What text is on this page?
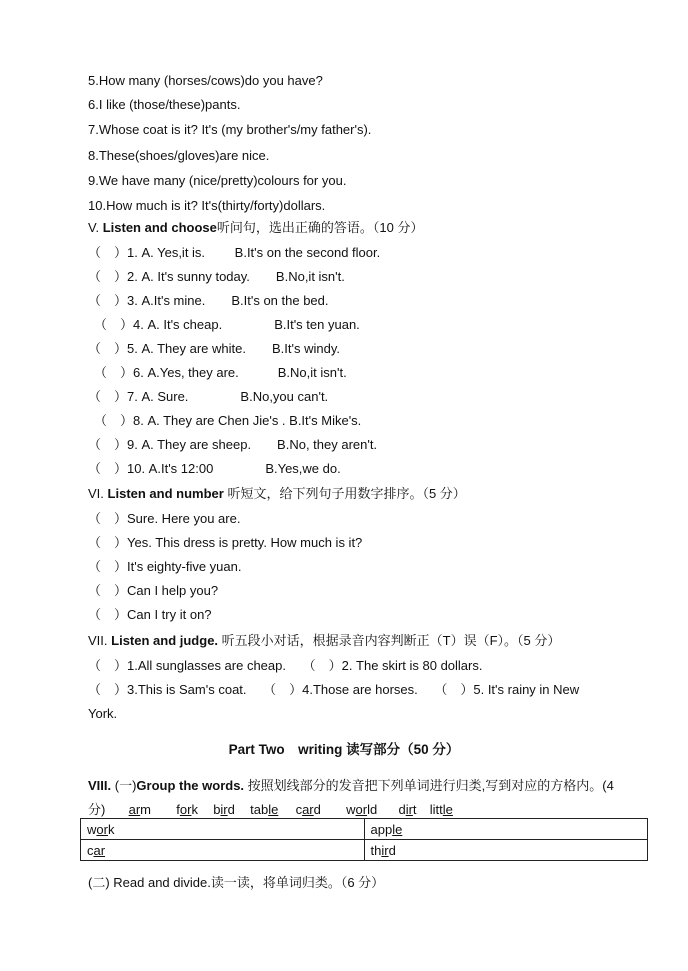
5.How many (horses/cows)do you have?
6.I like (those/these)pants.
7.Whose coat is it? It's (my brother's/my father's).
8.These(shoes/gloves)are nice.
9.We have many (nice/pretty)colours for you.
10.How much is it? It's(thirty/forty)dollars.
V. Listen and choose听问句，选出正确的答语。（10 分）
（　）1. A. Yes,it is.　　 B.It's on the second floor.
（　）2. A. It's sunny today.　　B.No,it isn't.
（　）3. A.It's mine.　　B.It's on the bed.
（　）4. A. It's cheap.　　　　B.It's ten yuan.
（　）5. A. They are white.　　B.It's windy.
（　）6. A.Yes, they are.　　　B.No,it isn't.
（　）7. A. Sure.　　　　B.No,you can't.
（　）8. A. They are Chen Jie's . B.It's Mike's.
（　）9. A. They are sheep.　　B.No, they aren't.
（　）10. A.It's 12:00　　　　B.Yes,we do.
VI. Listen and number 听短文，给下列句子用数字排序。（5 分）
（　）Sure. Here you are.
（　）Yes. This dress is pretty. How much is it?
（　）It's eighty-five yuan.
（　）Can I help you?
（　）Can I try it on?
VII. Listen and judge. 听五段小对话，根据录音内容判断正（T）误（F）。（5 分）
（　）1.All sunglasses are cheap.　 （　）2. The skirt is 80 dollars.
（　）3.This is Sam's coat.　 （　）4.Those are horses.　 （　）5. It's rainy in New
York.
Part Two　writing 读写部分（50 分）
VIII. (一)Group the words. 按照划线部分的发音把下列单词进行归类,写到对应的方格内。(4
分) arm fork bird table card world dirt little
work	apple
car	third
(二) Read and divide.读一读，将单词归类。（6 分）
